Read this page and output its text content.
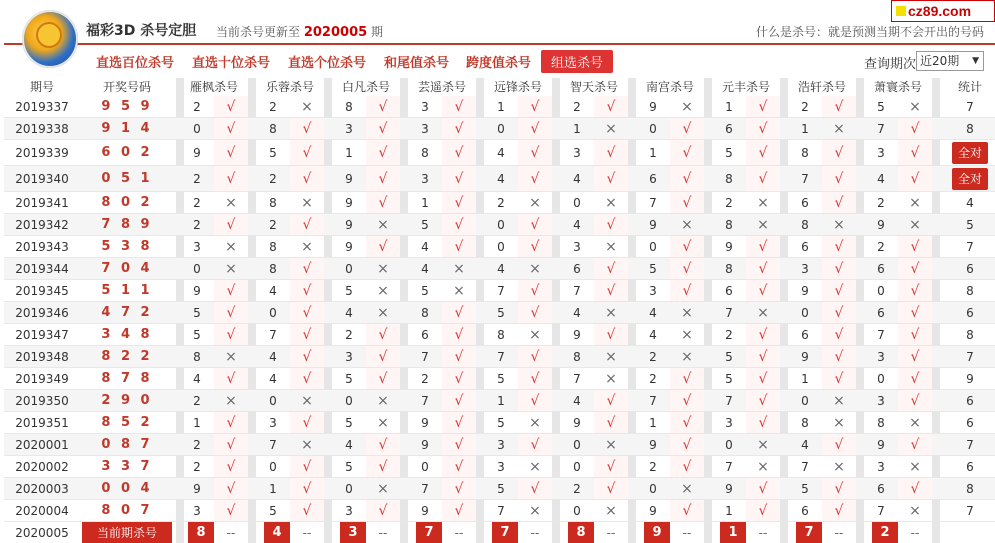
福彩3D 杀号定胆 当前杀号更新至 2020005 期	什么是杀号：就是预测当期不会开出的号码
cz89.com
直选百位杀号 直选十位杀号 直选个位杀号 和尾值杀号 跨度值杀号	组选杀号	查询期次 近20期 ▼
期号	开奖号码	雁枫杀号	乐蓉杀号	白凡杀号	芸遥杀号	远锋杀号	智天杀号	南宫杀号	元丰杀号	浩轩杀号	萧寰杀号	统计
2019337	9 5 9	2	√	2	×	8	√	3	√	1	√	2	√	9	×	1	√	2	√	5	×	7
2019338	9 1 4	0	√	8	√	3	√	3	√	0	√	1	×	0	√	6	√	1	×	7	√	8
2019339	6 0 2	9	√	5	√	1	√	8	√	4	√	3	√	1	√	5	√	8	√	3	√	全对
2019340	0 5 1	2	√	2	√	9	√	3	√	4	√	4	√	6	√	8	√	7	√	4	√	全对
2019341	8 0 2	2	×	8	×	9	√	1	√	2	×	0	×	7	√	2	×	6	√	2	×	4
2019342	7 8 9	2	√	2	√	9	×	5	√	0	√	4	√	9	×	8	×	8	×	9	×	5
2019343	5 3 8	3	×	8	×	9	√	4	√	0	√	3	×	0	√	9	√	6	√	2	√	7
2019344	7 0 4	0	×	8	√	0	×	4	×	4	×	6	√	5	√	8	√	3	√	6	√	6
2019345	5 1 1	9	√	4	√	5	×	5	×	7	√	7	√	3	√	6	√	9	√	0	√	8
2019346	4 7 2	5	√	0	√	4	×	8	√	5	√	4	×	4	×	7	×	0	√	6	√	6
2019347	3 4 8	5	√	7	√	2	√	6	√	8	×	9	√	4	×	2	√	6	√	7	√	8
2019348	8 2 2	8	×	4	√	3	√	7	√	7	√	8	×	2	×	5	√	9	√	3	√	7
2019349	8 7 8	4	√	4	√	5	√	2	√	5	√	7	×	2	√	5	√	1	√	0	√	9
2019350	2 9 0	2	×	0	×	0	×	7	√	1	√	4	√	7	√	7	√	0	×	3	√	6
2019351	8 5 2	1	√	3	√	5	×	9	√	5	×	9	√	1	√	3	√	8	×	8	×	6
2020001	0 8 7	2	√	7	×	4	√	9	√	3	√	0	×	9	√	0	×	4	√	9	√	7
2020002	3 3 7	2	√	0	√	5	√	0	√	3	×	0	√	2	√	7	×	7	×	3	×	6
2020003	0 0 4	9	√	1	√	0	×	7	√	5	√	2	√	0	×	9	√	5	√	6	√	8
2020004	8 0 7	3	√	5	√	3	√	9	√	7	×	0	×	9	√	1	√	6	√	7	×	7
2020005	当前期杀号	8	--	4	--	3	--	7	--	7	--	8	--	9	--	1	--	7	--	2	--
